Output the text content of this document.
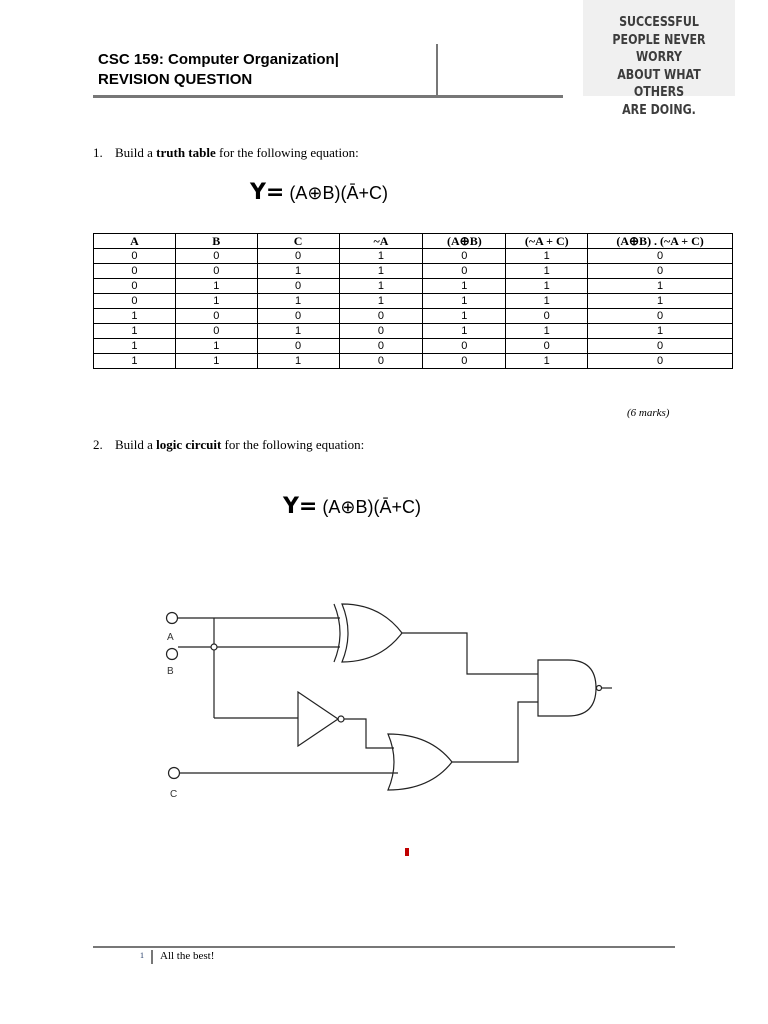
CSC 159: Computer Organization|
REVISION QUESTION
SUCCESSFUL
PEOPLE NEVER WORRY
ABOUT WHAT OTHERS
ARE DOING.

1. Build a truth table for the following equation:
Y= (A⊕B)(Ā+C)
A	B	C	~A	(A⊕B)	(~A + C)	(A⊕B) . (~A + C)
0	0	0	1	0	1	0
0	0	1	1	0	1	0
0	1	0	1	1	1	1
0	1	1	1	1	1	1
1	0	0	0	1	0	0
1	0	1	0	1	1	1
1	1	0	0	0	0	0
1	1	1	0	0	1	0
(6 marks)
2. Build a logic circuit for the following equation:
Y= (A⊕B)(Ā+C)
A
B
C
1 All the best!
